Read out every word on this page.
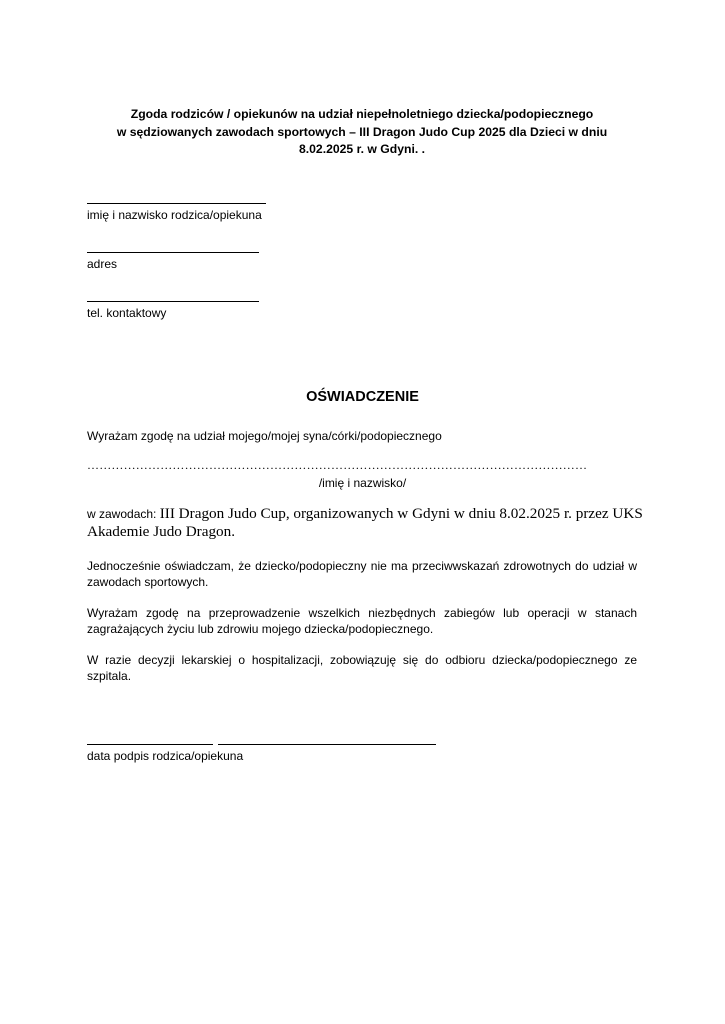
Zgoda rodziców / opiekunów na udział niepełnoletniego dziecka/podopiecznego
w sędziowanych zawodach sportowych – III Dragon Judo Cup 2025 dla Dzieci w dniu
8.02.2025 r. w Gdyni. .
imię i nazwisko rodzica/opiekuna
adres
tel. kontaktowy
OŚWIADCZENIE
Wyrażam zgodę na udział mojego/mojej syna/córki/podopiecznego
……………………………………………………………………………………………………………
/imię i nazwisko/
w zawodach: III Dragon Judo Cup, organizowanych w Gdyni w dniu 8.02.2025 r. przez UKS Akademie Judo Dragon.
Jednocześnie oświadczam, że dziecko/podopieczny nie ma przeciwwskazań zdrowotnych do udział w zawodach sportowych.
Wyrażam zgodę na przeprowadzenie wszelkich niezbędnych zabiegów lub operacji w stanach zagrażających życiu lub zdrowiu mojego dziecka/podopiecznego.
W razie decyzji lekarskiej o hospitalizacji, zobowiązuję się do odbioru dziecka/podopiecznego ze szpitala.
data podpis rodzica/opiekuna
